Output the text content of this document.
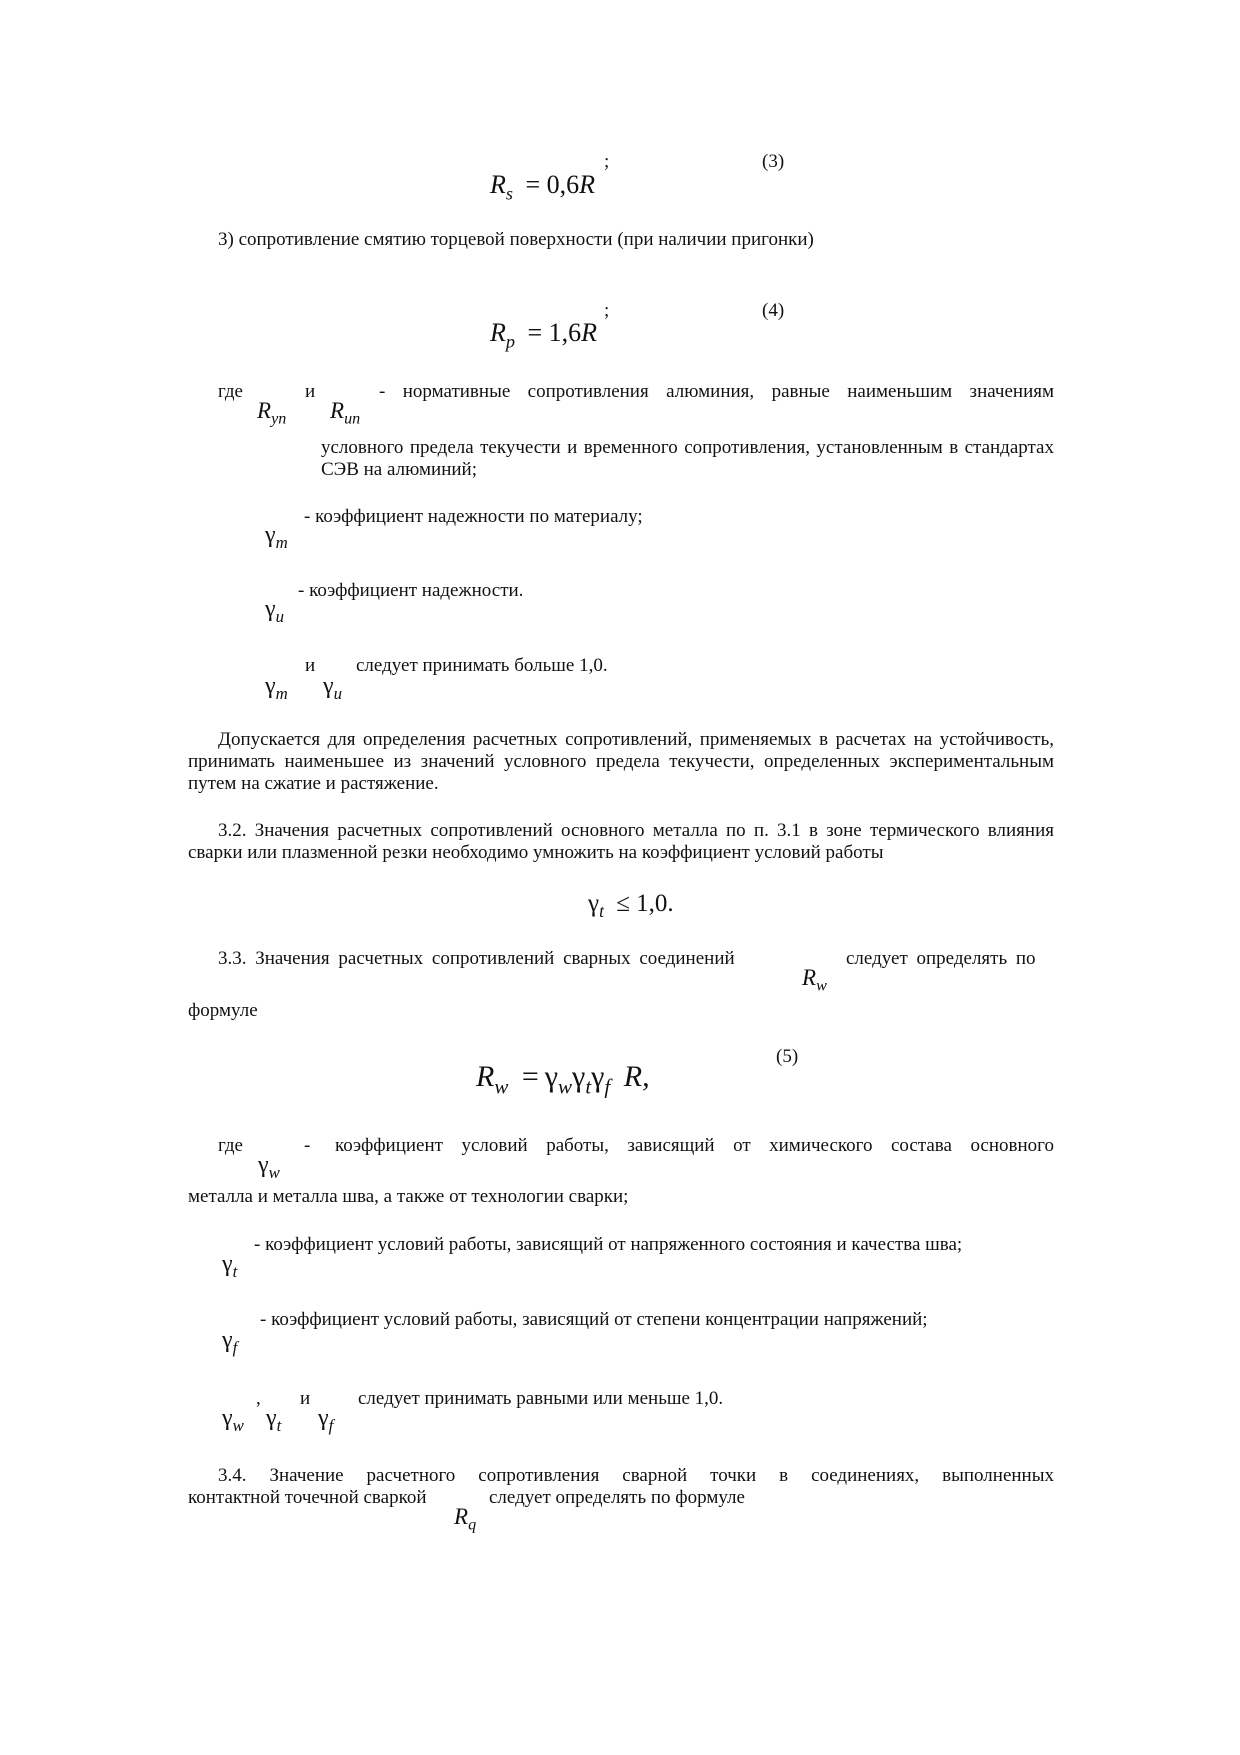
$R_s = 0,6R$
;	(3)
3) сопротивление смятию торцевой поверхности (при наличии пригонки)
$R_p = 1,6R$
;	(4)
где	и	- нормативные сопротивления алюминия, равные наименьшим значениям
$R_{yn}$ $R_{un}$
условного предела текучести и временного сопротивления, установленным в стандартах СЭВ на алюминий;
- коэффициент надежности по материалу;
$\gamma_m$
- коэффициент надежности.
$\gamma_u$
и следует принимать больше 1,0.
$\gamma_m$ $\gamma_u$
Допускается для определения расчетных сопротивлений, применяемых в расчетах на устойчивость, принимать наименьшее из значений условного предела текучести, определенных экспериментальным путем на сжатие и растяжение.
3.2. Значения расчетных сопротивлений основного металла по п. 3.1 в зоне термического влияния сварки или плазменной резки необходимо умножить на коэффициент условий работы
$\gamma_t \le 1,0$.
3.3. Значения расчетных сопротивлений сварных соединений	следует определять по
$R_w$
формуле
$R_w = \gamma_w\gamma_t\gamma_f$ R,
(5)
где	- коэффициент условий работы, зависящий от химического состава основного
$\gamma_w$
металла и металла шва, а также от технологии сварки;
- коэффициент условий работы, зависящий от напряженного состояния и качества шва;
$\gamma_t$
- коэффициент условий работы, зависящий от степени концентрации напряжений;
$\gamma_f$
, и	следует принимать равными или меньше 1,0.
$\gamma_w$ $\gamma_t$ $\gamma_f$
3.4. Значение расчетного сопротивления сварной точки в соединениях, выполненных
контактной точечной сваркой	следует определять по формуле
$R_q$
